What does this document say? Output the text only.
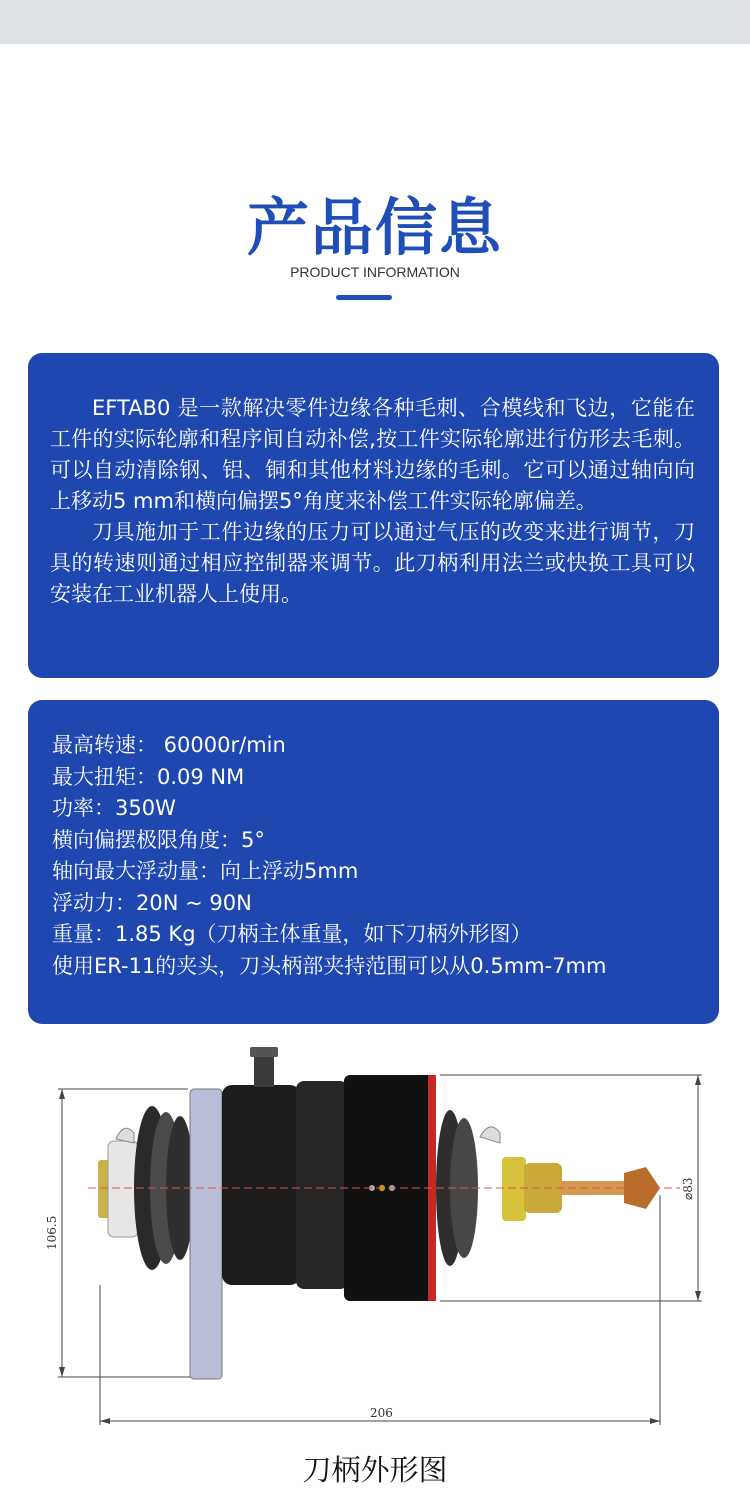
产品信息
PRODUCT INFORMATION

EFTAB0 是一款解决零件边缘各种毛刺、合模线和飞边，它能在工件的实际轮廓和程序间自动补偿,按工件实际轮廓进行仿形去毛刺。可以自动清除钢、铝、铜和其他材料边缘的毛刺。它可以通过轴向向上移动5 mm和横向偏摆5°角度来补偿工件实际轮廓偏差。

刀具施加于工件边缘的压力可以通过气压的改变来进行调节，刀具的转速则通过相应控制器来调节。此刀柄利用法兰或快换工具可以安装在工业机器人上使用。

最高转速： 60000r/min
最大扭矩：0.09 NM
功率：350W
横向偏摆极限角度：5°
轴向最大浮动量：向上浮动5mm
浮动力：20N ~ 90N
重量：1.85 Kg（刀柄主体重量，如下刀柄外形图）
使用ER-11的夹头，刀头柄部夹持范围可以从0.5mm-7mm
106.5
⌀83
206
刀柄外形图
